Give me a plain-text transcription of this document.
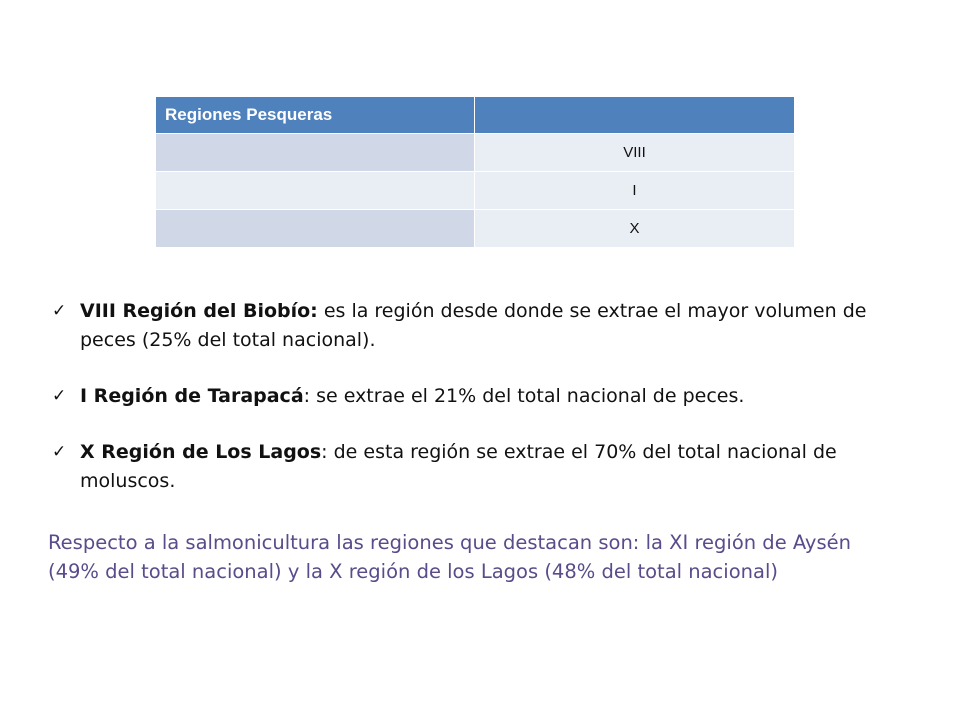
Regiones Pesqueras	
	VIII
	I
	X
✓ VIII Región del Biobío: es la región desde donde se extrae el mayor volumen de peces (25% del total nacional).
✓ I Región de Tarapacá: se extrae el 21% del total nacional de peces.
✓ X Región de Los Lagos: de esta región se extrae el 70% del total nacional de moluscos.
Respecto a la salmonicultura las regiones que destacan son: la XI región de Aysén (49% del total nacional) y la X región de los Lagos (48% del total nacional)
